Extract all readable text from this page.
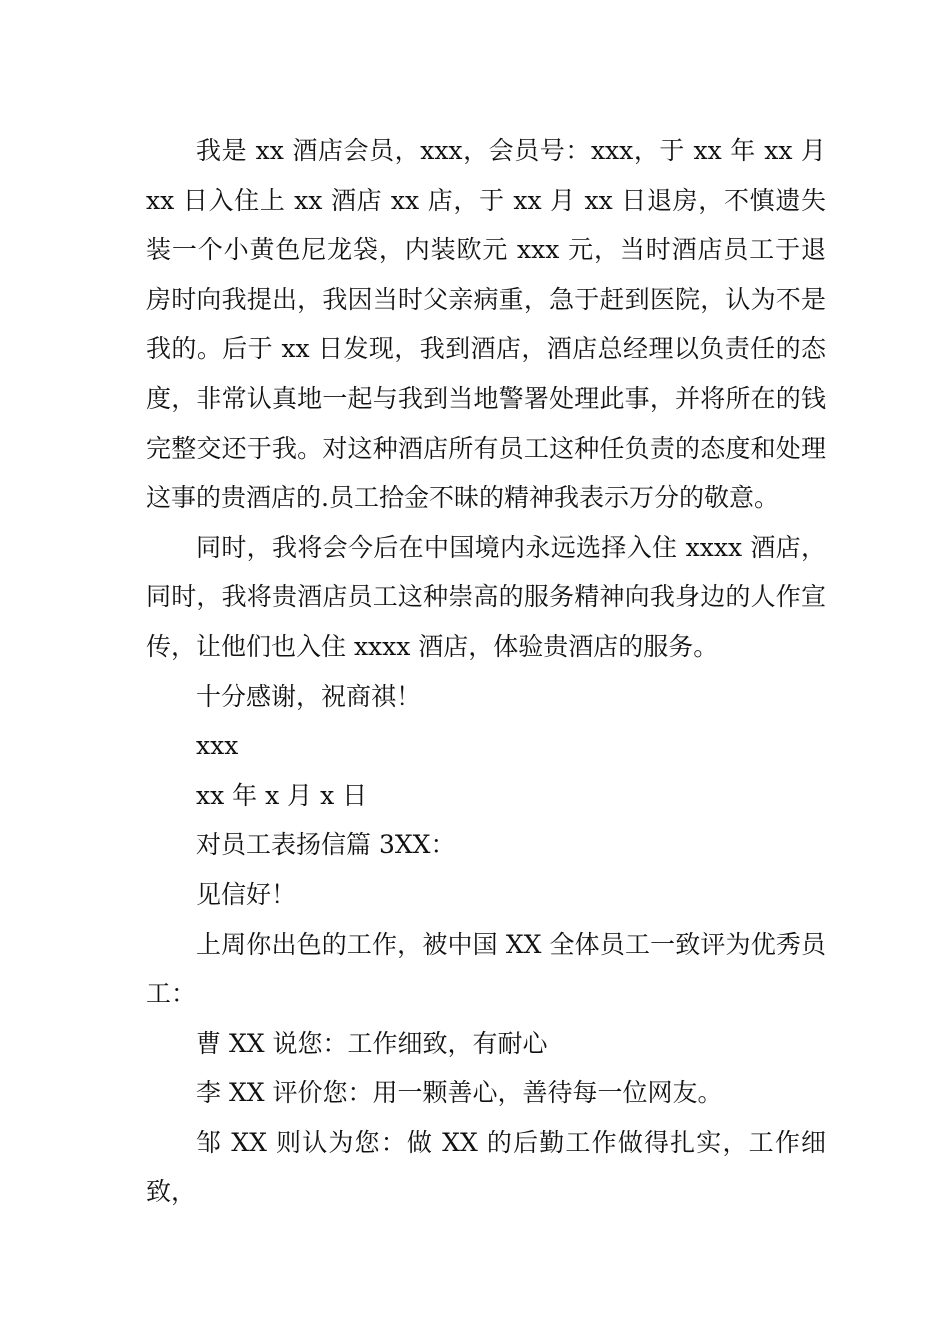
我是 xx 酒店会员，xxx，会员号：xxx，于 xx 年 xx 月 xx 日入住上 xx 酒店 xx 店，于 xx 月 xx 日退房，不慎遗失装一个小黄色尼龙袋，内装欧元 xxx 元，当时酒店员工于退房时向我提出，我因当时父亲病重，急于赶到医院，认为不是我的。后于 xx 日发现，我到酒店，酒店总经理以负责任的态度，非常认真地一起与我到当地警署处理此事，并将所在的钱完整交还于我。对这种酒店所有员工这种任负责的态度和处理这事的贵酒店的.员工拾金不昧的精神我表示万分的敬意。

同时，我将会今后在中国境内永远选择入住 xxxx 酒店，同时，我将贵酒店员工这种崇高的服务精神向我身边的人作宣传，让他们也入住 xxxx 酒店，体验贵酒店的服务。

十分感谢，祝商祺！

xxx

xx 年 x 月 x 日

对员工表扬信篇 3XX：

见信好！

上周你出色的工作，被中国 XX 全体员工一致评为优秀员工：

曹 XX 说您：工作细致，有耐心

李 XX 评价您：用一颗善心，善待每一位网友。

邹 XX 则认为您：做 XX 的后勤工作做得扎实，工作细致，
